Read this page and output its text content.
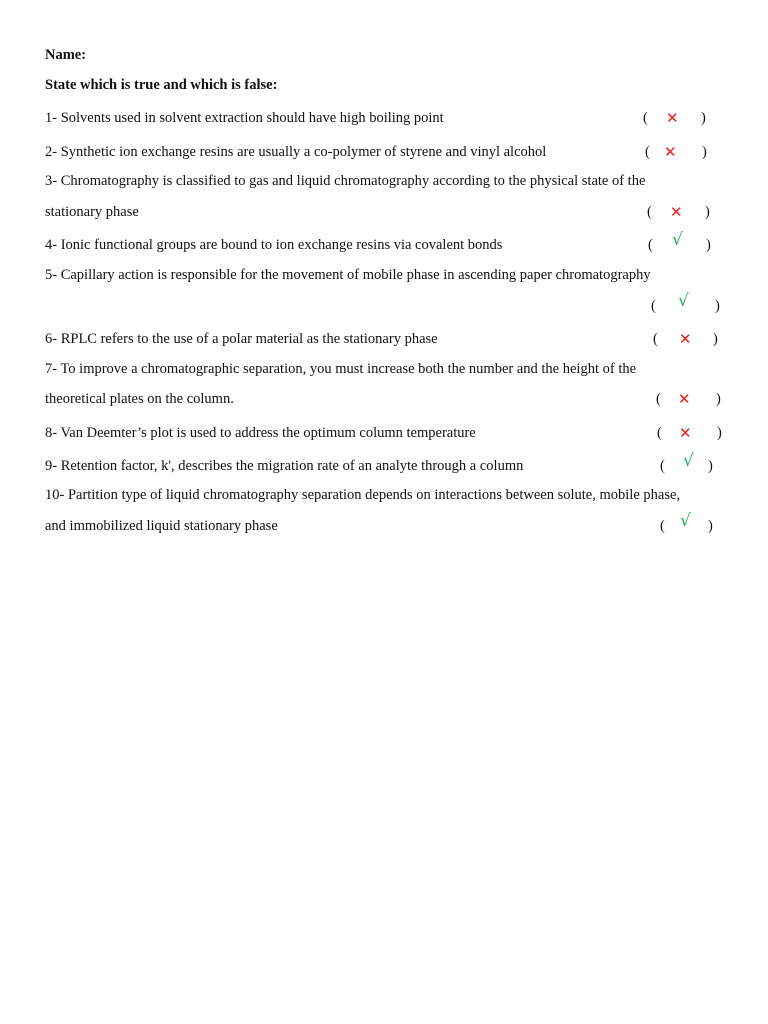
Name:
State which is true and which is false:
1- Solvents used in solvent extraction should have high boiling point	( ✕ )
2- Synthetic ion exchange resins are usually a co-polymer of styrene and vinyl alcohol	( ✕ )
3- Chromatography is classified to gas and liquid chromatography according to the physical state of the
stationary phase	( ✕ )
4- Ionic functional groups are bound to ion exchange resins via covalent bonds	( √ )
5- Capillary action is responsible for the movement of mobile phase in ascending paper chromatography
( √ )
6- RPLC refers to the use of a polar material as the stationary phase	( ✕ )
7- To improve a chromatographic separation, you must increase both the number and the height of the
theoretical plates on the column.	( ✕ )
8- Van Deemter’s plot is used to address the optimum column temperature	( ✕ )
9- Retention factor, k', describes the migration rate of an analyte through a column	( √ )
10- Partition type of liquid chromatography separation depends on interactions between solute, mobile phase,
and immobilized liquid stationary phase	( √ )
